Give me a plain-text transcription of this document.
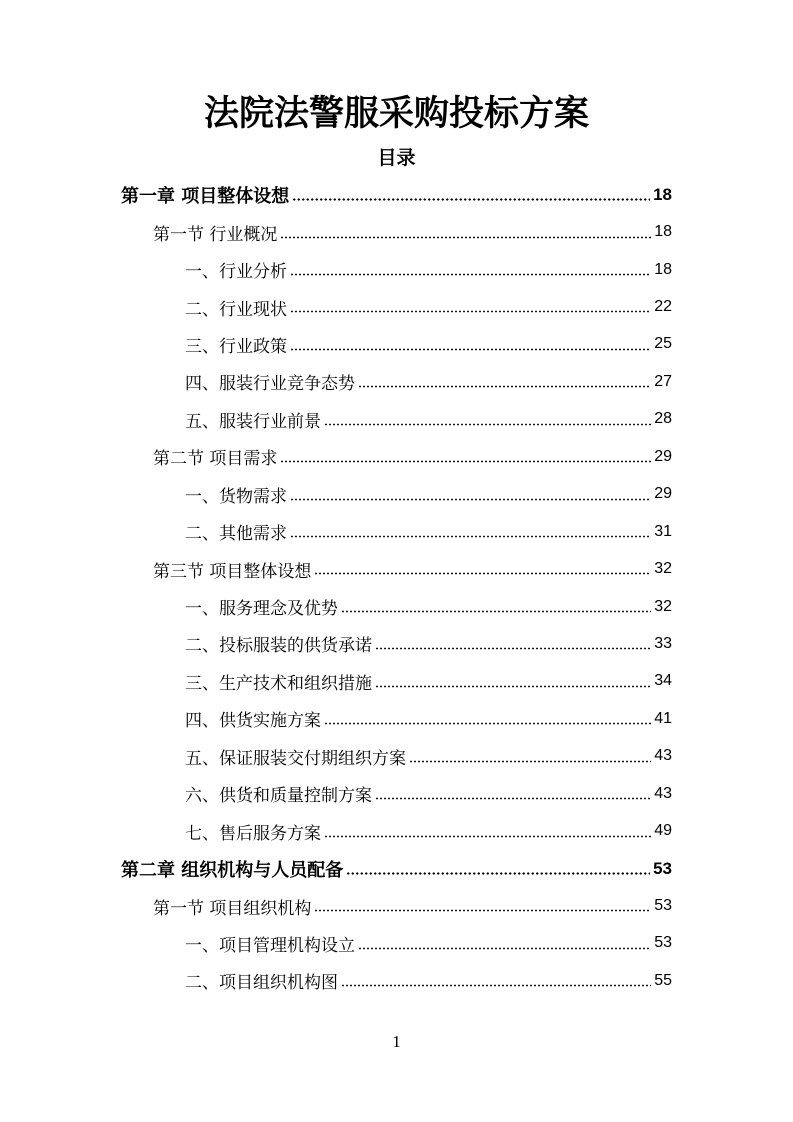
法院法警服采购投标方案
目录
第一章 项目整体设想	18
第一节 行业概况	18
一、行业分析	18
二、行业现状	22
三、行业政策	25
四、服装行业竞争态势	27
五、服装行业前景	28
第二节 项目需求	29
一、货物需求	29
二、其他需求	31
第三节 项目整体设想	32
一、服务理念及优势	32
二、投标服装的供货承诺	33
三、生产技术和组织措施	34
四、供货实施方案	41
五、保证服装交付期组织方案	43
六、供货和质量控制方案	43
七、售后服务方案	49
第二章 组织机构与人员配备	53
第一节 项目组织机构	53
一、项目管理机构设立	53
二、项目组织机构图	55
1
